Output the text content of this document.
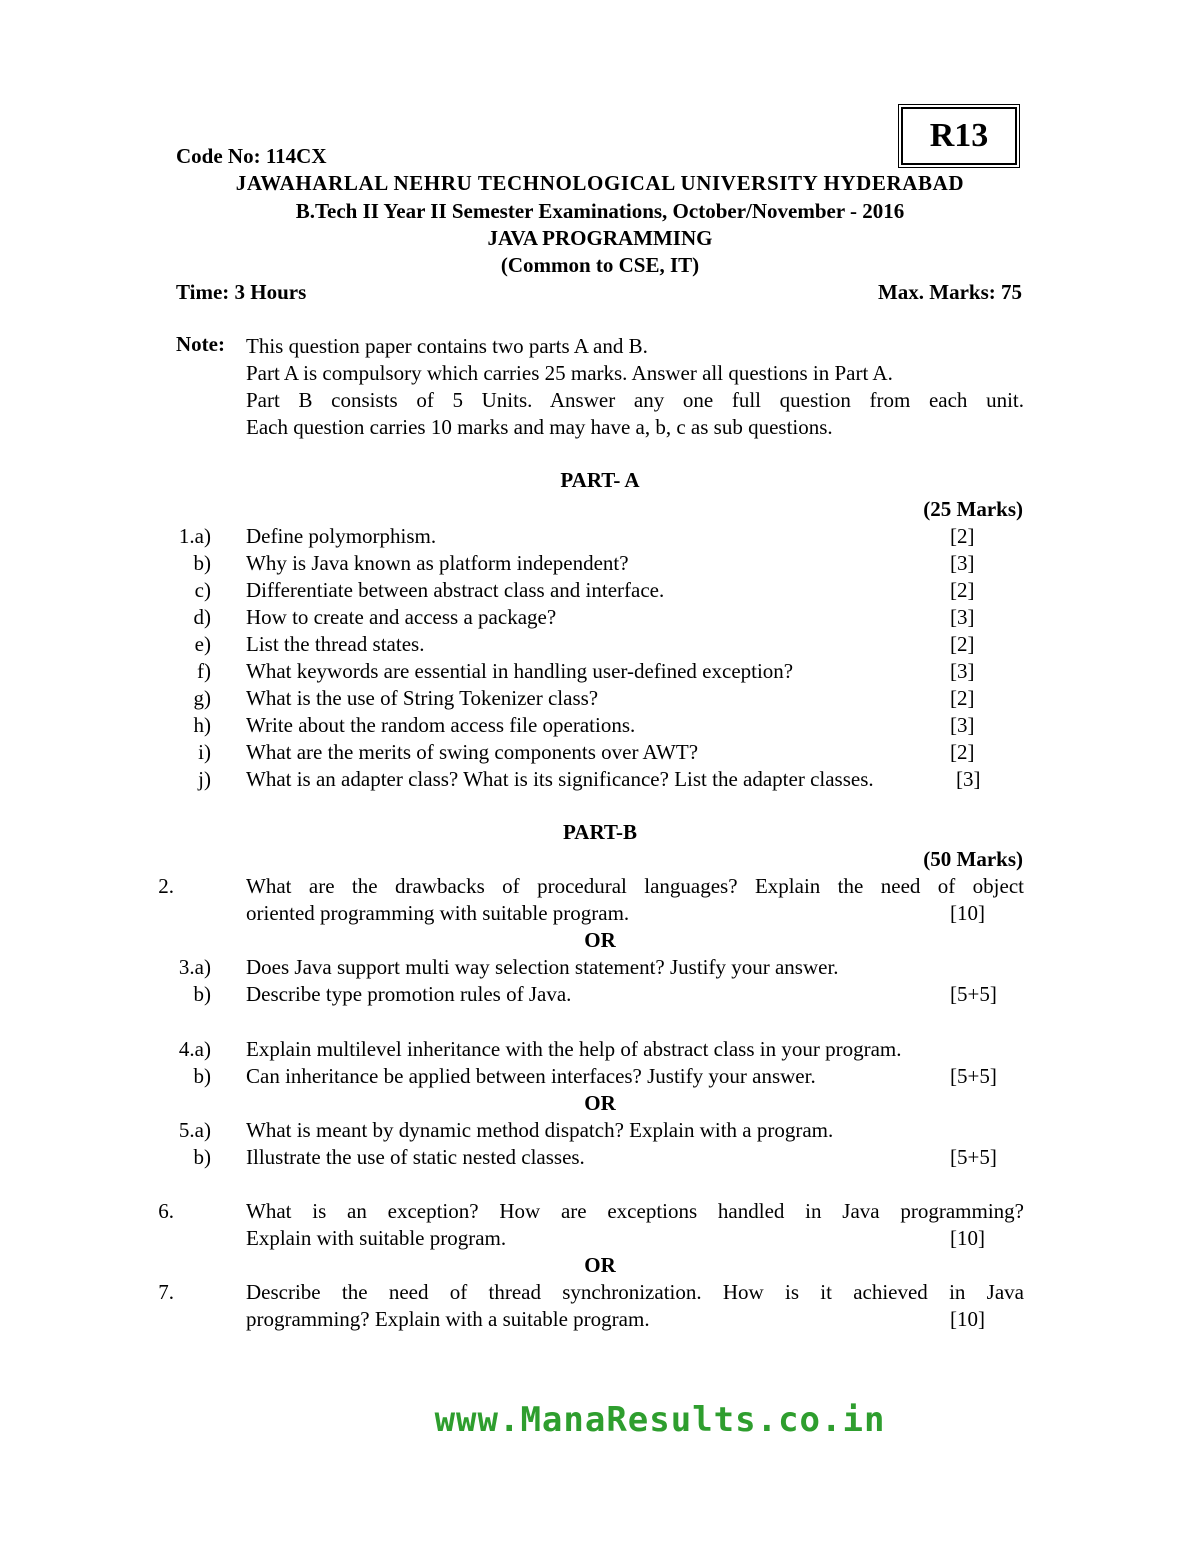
R13
Code No: 114CX
JAWAHARLAL NEHRU TECHNOLOGICAL UNIVERSITY HYDERABAD
B.Tech II Year II Semester Examinations, October/November - 2016
JAVA PROGRAMMING
(Common to CSE, IT)
Time: 3 Hours	Max. Marks: 75
Note: This question paper contains two parts A and B.
Part A is compulsory which carries 25 marks. Answer all questions in Part A.
Part B consists of 5 Units. Answer any one full question from each unit.
Each question carries 10 marks and may have a, b, c as sub questions.
PART- A
(25 Marks)
1.a) Define polymorphism.	[2]
b) Why is Java known as platform independent?	[3]
c) Differentiate between abstract class and interface.	[2]
d) How to create and access a package?	[3]
e) List the thread states.	[2]
f) What keywords are essential in handling user-defined exception?	[3]
g) What is the use of String Tokenizer class?	[2]
h) Write about the random access file operations.	[3]
i) What are the merits of swing components over AWT?	[2]
j) What is an adapter class? What is its significance? List the adapter classes.	[3]
PART-B
(50 Marks)
2.	What are the drawbacks of procedural languages? Explain the need of object
oriented programming with suitable program.	[10]
OR
3.a) Does Java support multi way selection statement? Justify your answer.
b) Describe type promotion rules of Java.	[5+5]
4.a) Explain multilevel inheritance with the help of abstract class in your program.
b) Can inheritance be applied between interfaces? Justify your answer.	[5+5]
OR
5.a) What is meant by dynamic method dispatch? Explain with a program.
b) Illustrate the use of static nested classes.	[5+5]
6.	What is an exception? How are exceptions handled in Java programming?
Explain with suitable program.	[10]
OR
7.	Describe the need of thread synchronization. How is it achieved in Java
programming? Explain with a suitable program.	[10]
www.ManaResults.co.in
